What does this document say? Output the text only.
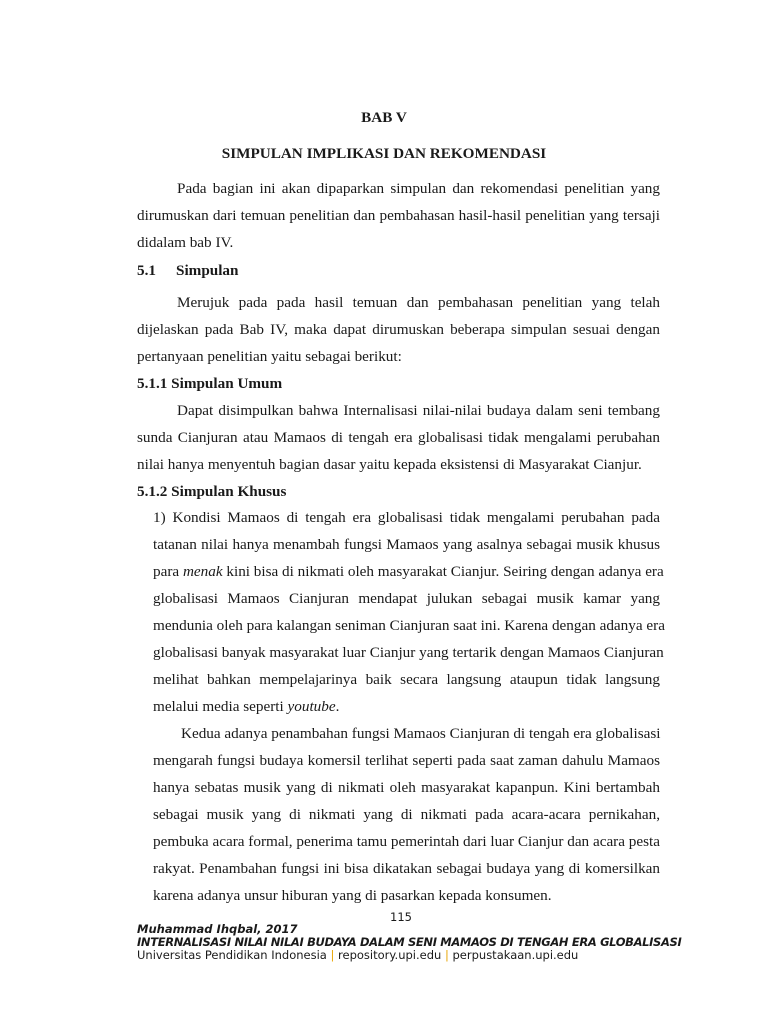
BAB V
SIMPULAN IMPLIKASI DAN REKOMENDASI
Pada bagian ini akan dipaparkan simpulan dan rekomendasi penelitian yang
dirumuskan dari temuan penelitian dan pembahasan hasil-hasil penelitian yang tersaji
didalam bab IV.
5.1 Simpulan
Merujuk pada pada hasil temuan dan pembahasan penelitian yang telah
dijelaskan pada Bab IV, maka dapat dirumuskan beberapa simpulan sesuai dengan
pertanyaan penelitian yaitu sebagai berikut:
5.1.1 Simpulan Umum
Dapat disimpulkan bahwa Internalisasi nilai-nilai budaya dalam seni tembang
sunda Cianjuran atau Mamaos di tengah era globalisasi tidak mengalami perubahan
nilai hanya menyentuh bagian dasar yaitu kepada eksistensi di Masyarakat Cianjur.
5.1.2 Simpulan Khusus
1) Kondisi Mamaos di tengah era globalisasi tidak mengalami perubahan pada
tatanan nilai hanya menambah fungsi Mamaos yang asalnya sebagai musik khusus
para menak kini bisa di nikmati oleh masyarakat Cianjur. Seiring dengan adanya era
globalisasi Mamaos Cianjuran mendapat julukan sebagai musik kamar yang
mendunia oleh para kalangan seniman Cianjuran saat ini. Karena dengan adanya era
globalisasi banyak masyarakat luar Cianjur yang tertarik dengan Mamaos Cianjuran
melihat bahkan mempelajarinya baik secara langsung ataupun tidak langsung
melalui media seperti youtube.
Kedua adanya penambahan fungsi Mamaos Cianjuran di tengah era globalisasi
mengarah fungsi budaya komersil terlihat seperti pada saat zaman dahulu Mamaos
hanya sebatas musik yang di nikmati oleh masyarakat kapanpun. Kini bertambah
sebagai musik yang di nikmati yang di nikmati pada acara-acara pernikahan,
pembuka acara formal, penerima tamu pemerintah dari luar Cianjur dan acara pesta
rakyat. Penambahan fungsi ini bisa dikatakan sebagai budaya yang di komersilkan
karena adanya unsur hiburan yang di pasarkan kepada konsumen.
115
Muhammad Ihqbal, 2017
INTERNALISASI NILAI NILAI BUDAYA DALAM SENI MAMAOS DI TENGAH ERA GLOBALISASI
Universitas Pendidikan Indonesia | repository.upi.edu | perpustakaan.upi.edu
